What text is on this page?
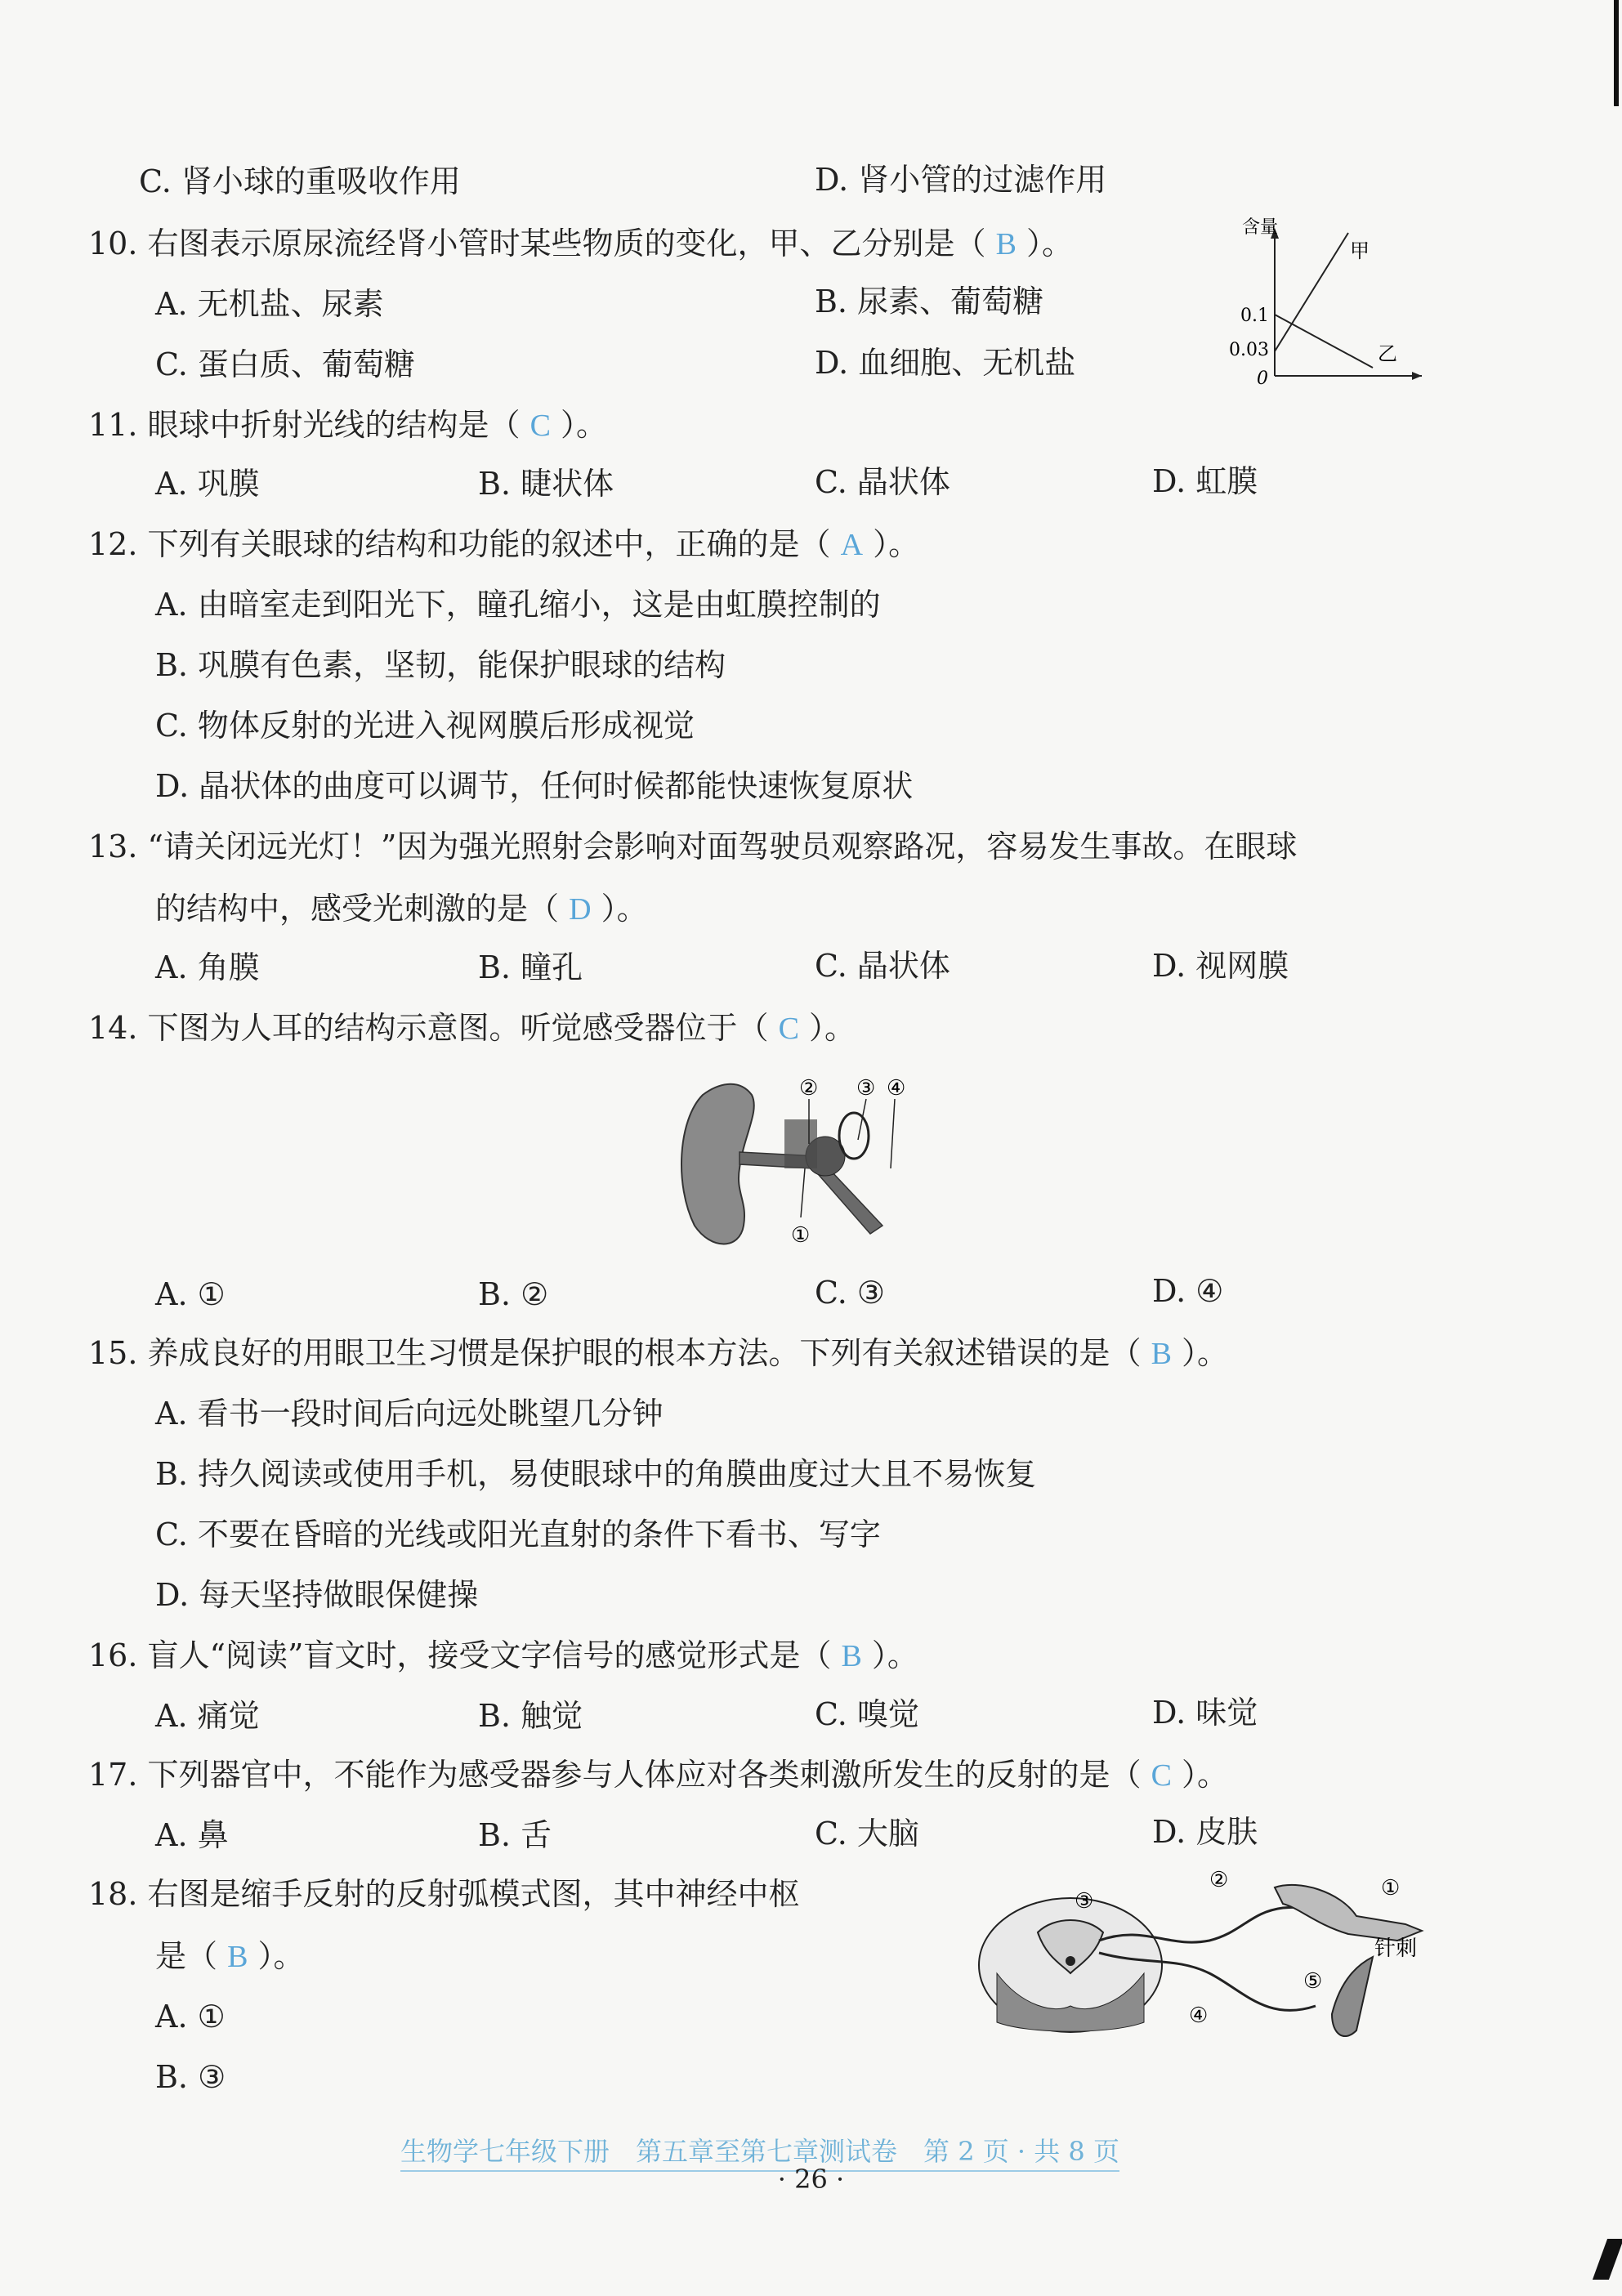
C. 肾小球的重吸收作用	D. 肾小管的过滤作用
10. 右图表示原尿流经肾小管时某些物质的变化，甲、乙分别是（ B ）。
A. 无机盐、尿素	B. 尿素、葡萄糖
C. 蛋白质、葡萄糖	D. 血细胞、无机盐
含量
0.1
0.03
0
甲
乙
11. 眼球中折射光线的结构是（ C ）。
A. 巩膜	B. 睫状体	C. 晶状体	D. 虹膜
12. 下列有关眼球的结构和功能的叙述中，正确的是（ A ）。
A. 由暗室走到阳光下，瞳孔缩小，这是由虹膜控制的
B. 巩膜有色素，坚韧，能保护眼球的结构
C. 物体反射的光进入视网膜后形成视觉
D. 晶状体的曲度可以调节，任何时候都能快速恢复原状
13. “请关闭远光灯！”因为强光照射会影响对面驾驶员观察路况，容易发生事故。在眼球
的结构中，感受光刺激的是（ D ）。
A. 角膜	B. 瞳孔	C. 晶状体	D. 视网膜
14. 下图为人耳的结构示意图。听觉感受器位于（ C ）。
② ③ ④
①
A. ①	B. ②	C. ③	D. ④
15. 养成良好的用眼卫生习惯是保护眼的根本方法。下列有关叙述错误的是（ B ）。
A. 看书一段时间后向远处眺望几分钟
B. 持久阅读或使用手机，易使眼球中的角膜曲度过大且不易恢复
C. 不要在昏暗的光线或阳光直射的条件下看书、写字
D. 每天坚持做眼保健操
16. 盲人“阅读”盲文时，接受文字信号的感觉形式是（ B ）。
A. 痛觉	B. 触觉	C. 嗅觉	D. 味觉
17. 下列器官中，不能作为感受器参与人体应对各类刺激所发生的反射的是（ C ）。
A. 鼻	B. 舌	C. 大脑	D. 皮肤
18. 右图是缩手反射的反射弧模式图，其中神经中枢
是（ B ）。
A. ①
B. ③
①
②
③
④
⑤
针刺
生物学七年级下册　第五章至第七章测试卷　第 2 页 · 共 8 页
· 26 ·
